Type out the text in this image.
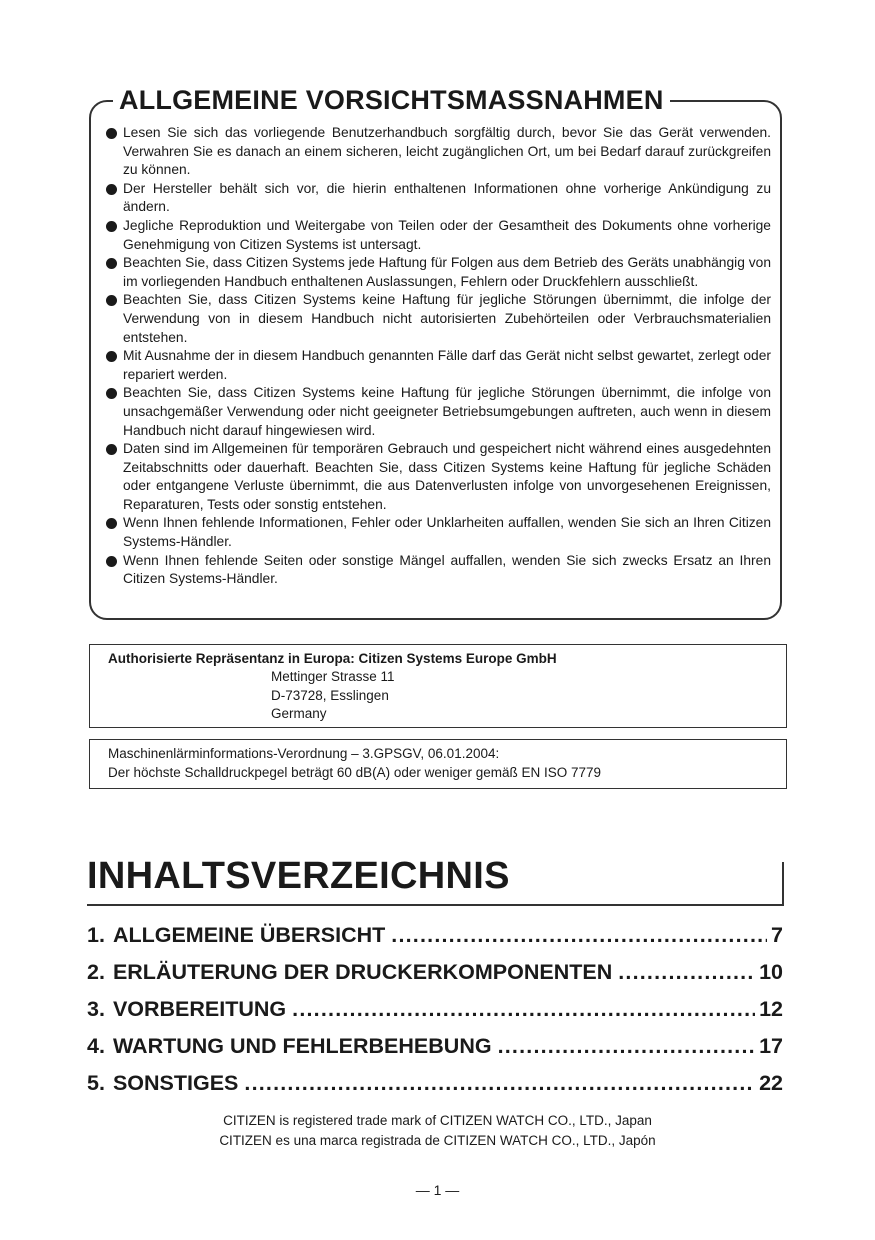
ALLGEMEINE VORSICHTSMASSNAHMEN
Lesen Sie sich das vorliegende Benutzerhandbuch sorgfältig durch, bevor Sie das Gerät verwenden. Verwahren Sie es danach an einem sicheren, leicht zugänglichen Ort, um bei Bedarf darauf zurückgreifen zu können.
Der Hersteller behält sich vor, die hierin enthaltenen Informationen ohne vorherige Ankündigung zu ändern.
Jegliche Reproduktion und Weitergabe von Teilen oder der Gesamtheit des Dokuments ohne vorherige Genehmigung von Citizen Systems ist untersagt.
Beachten Sie, dass Citizen Systems jede Haftung für Folgen aus dem Betrieb des Geräts unabhängig von im vorliegenden Handbuch enthaltenen Auslassungen, Fehlern oder Druckfehlern ausschließt.
Beachten Sie, dass Citizen Systems keine Haftung für jegliche Störungen übernimmt, die infolge der Verwendung von in diesem Handbuch nicht autorisierten Zubehörteilen oder Verbrauchsmaterialien entstehen.
Mit Ausnahme der in diesem Handbuch genannten Fälle darf das Gerät nicht selbst gewartet, zerlegt oder repariert werden.
Beachten Sie, dass Citizen Systems keine Haftung für jegliche Störungen übernimmt, die infolge von unsachgemäßer Verwendung oder nicht geeigneter Betriebsumgebungen auftreten, auch wenn in diesem Handbuch nicht darauf hingewiesen wird.
Daten sind im Allgemeinen für temporären Gebrauch und gespeichert nicht während eines ausgedehnten Zeitabschnitts oder dauerhaft. Beachten Sie, dass Citizen Systems keine Haftung für jegliche Schäden oder entgangene Verluste übernimmt, die aus Datenverlusten infolge von unvorgesehenen Ereignissen, Reparaturen, Tests oder sonstig entstehen.
Wenn Ihnen fehlende Informationen, Fehler oder Unklarheiten auffallen, wenden Sie sich an Ihren Citizen Systems-Händler.
Wenn Ihnen fehlende Seiten oder sonstige Mängel auffallen, wenden Sie sich zwecks Ersatz an Ihren Citizen Systems-Händler.
Authorisierte Repräsentanz in Europa: Citizen Systems Europe GmbH
Mettinger Strasse 11
D-73728, Esslingen
Germany
Maschinenlärminformations-Verordnung – 3.GPSGV, 06.01.2004:
Der höchste Schalldruckpegel beträgt 60 dB(A) oder weniger gemäß EN ISO 7779
INHALTSVERZEICHNIS
1. ALLGEMEINE ÜBERSICHT .....	7
2. ERLÄUTERUNG DER DRUCKERKOMPONENTEN .....	10
3. VORBEREITUNG .....	12
4. WARTUNG UND FEHLERBEHEBUNG .....	17
5. SONSTIGES .....	22
CITIZEN is registered trade mark of CITIZEN WATCH CO., LTD., Japan
CITIZEN es una marca registrada de CITIZEN WATCH CO., LTD., Japón
— 1 —
